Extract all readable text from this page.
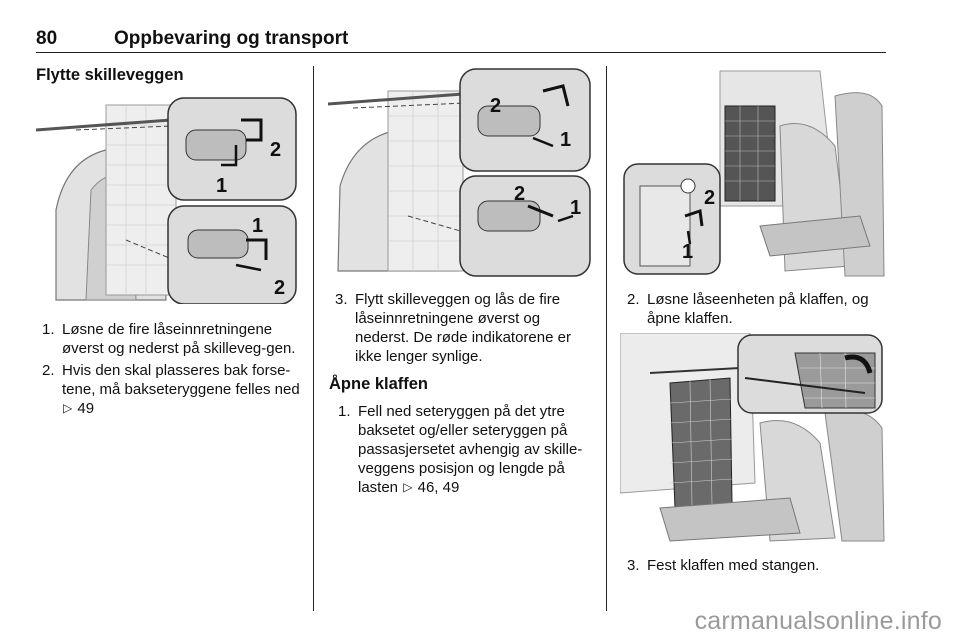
80	Oppbevaring og transport
Flytte skilleveggen
2
1
1
2
1. Løsne de fire låseinnretningene øverst og nederst på skilleveg-gen.
2. Hvis den skal plasseres bak forse-tene, må bakseteryggene felles ned ▷ 49
2
1
2
1
3. Flytt skilleveggen og lås de fire låseinnretningene øverst og nederst. De røde indikatorene er ikke lenger synlige.
Åpne klaffen
1. Fell ned seteryggen på det ytre baksetet og/eller seteryggen på passasjersetet avhengig av skille-veggens posisjon og lengde på lasten ▷ 46, 49
2
1
2. Løsne låseenheten på klaffen, og åpne klaffen.
3. Fest klaffen med stangen.
carmanualsonline.info
